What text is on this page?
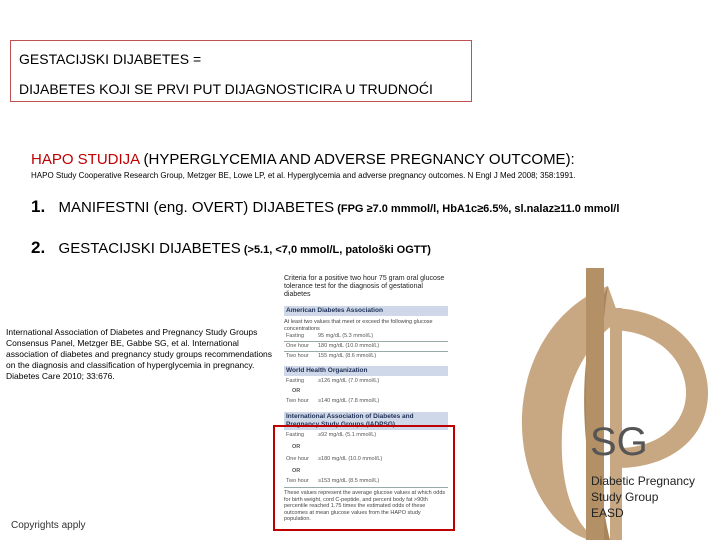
GESTACIJSKI DIJABETES =
DIJABETES KOJI SE PRVI PUT DIJAGNOSTICIRA U TRUDNOĆI
HAPO STUDIJA (HYPERGLYCEMIA AND ADVERSE PREGNANCY OUTCOME):
HAPO Study Cooperative Research Group, Metzger BE, Lowe LP, et al. Hyperglycemia and adverse pregnancy outcomes. N Engl J Med 2008; 358:1991.
1. MANIFESTNI (eng. OVERT) DIJABETES (FPG ≥7.0 mmmol/l, HbA1c≥6.5%, sl.nalaz≥11.0 mmol/l
2. GESTACIJSKI DIJABETES (>5.1, <7,0 mmol/L, patološki OGTT)
International Association of Diabetes and Pregnancy Study Groups Consensus Panel, Metzger BE, Gabbe SG, et al. International association of diabetes and pregnancy study groups recommendations on the diagnosis and classification of hyperglycemia in pregnancy. Diabetes Care 2010; 33:676.
Criteria for a positive two hour 75 gram oral glucose tolerance test for the diagnosis of gestational diabetes
American Diabetes Association
At least two values that meet or exceed the following glucose concentrations
Fasting	95 mg/dL (5.3 mmol/L)
One hour 180 mg/dL (10.0 mmol/L)
Two hour 155 mg/dL (8.6 mmol/L)
World Health Organization
Fasting	≥126 mg/dL (7.0 mmol/L)
OR
Two hour ≥140 mg/dL (7.8 mmol/L)
International Association of Diabetes and Pregnancy Study Groups (IADPSG)
Fasting	≥92 mg/dL (5.1 mmol/L)
OR
One hour ≥180 mg/dL (10.0 mmol/L)
OR
Two hour ≥153 mg/dL (8.5 mmol/L)
These values represent the average glucose values at which odds for birth weight, cord C-peptide, and percent body fat >90th percentile reached 1.75 times the estimated odds of these outcomes at mean glucose values from the HAPO study population.
SG
Diabetic Pregnancy
Study Group
EASD
Copyrights apply
